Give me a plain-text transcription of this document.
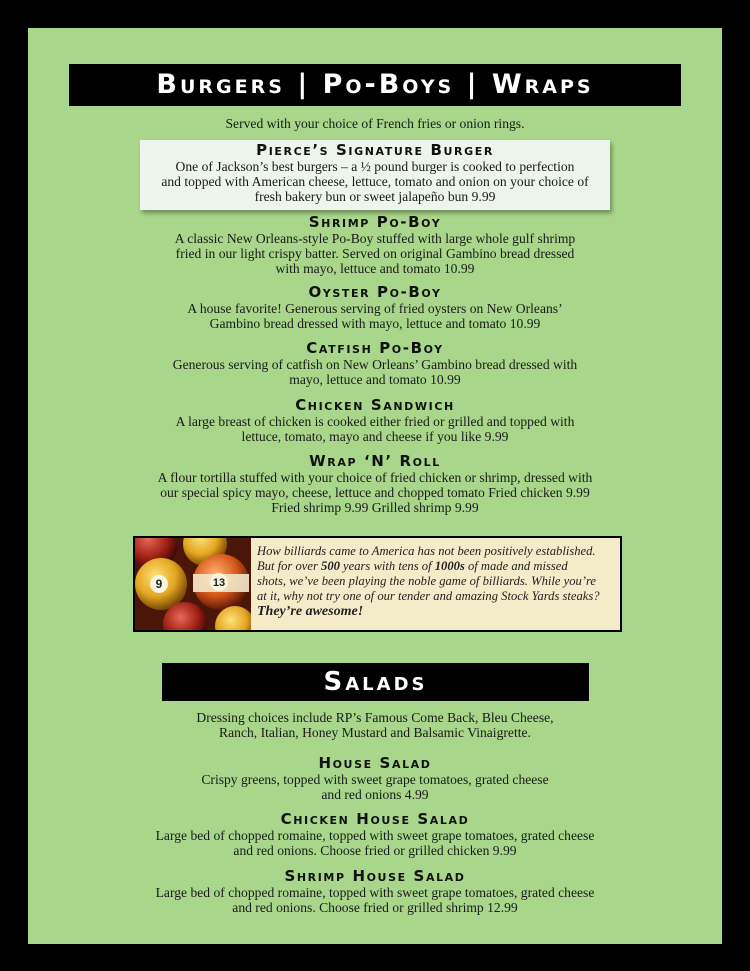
Burgers | Po-Boys | Wraps
Served with your choice of French fries or onion rings.
Pierce’s Signature Burger
One of Jackson’s best burgers – a ½ pound burger is cooked to perfection
and topped with American cheese, lettuce, tomato and onion on your choice of
fresh bakery bun or sweet jalapeño bun 9.99
Shrimp Po-Boy
A classic New Orleans-style Po-Boy stuffed with large whole gulf shrimp
fried in our light crispy batter. Served on original Gambino bread dressed
with mayo, lettuce and tomato 10.99
Oyster Po-Boy
A house favorite! Generous serving of fried oysters on New Orleans’
Gambino bread dressed with mayo, lettuce and tomato 10.99
Catfish Po-Boy
Generous serving of catfish on New Orleans’ Gambino bread dressed with
mayo, lettuce and tomato 10.99
Chicken Sandwich
A large breast of chicken is cooked either fried or grilled and topped with
lettuce, tomato, mayo and cheese if you like 9.99
Wrap ‘N’ Roll
A flour tortilla stuffed with your choice of fried chicken or shrimp, dressed with
our special spicy mayo, cheese, lettuce and chopped tomato Fried chicken 9.99
Fried shrimp 9.99 Grilled shrimp 9.99
9	13
How billiards came to America has not been positively established.
But for over 500 years with tens of 1000s of made and missed
shots, we’ve been playing the noble game of billiards. While you’re
at it, why not try one of our tender and amazing Stock Yards steaks?
They’re awesome!
Salads
Dressing choices include RP’s Famous Come Back, Bleu Cheese,
Ranch, Italian, Honey Mustard and Balsamic Vinaigrette.
House Salad
Crispy greens, topped with sweet grape tomatoes, grated cheese
and red onions 4.99
Chicken House Salad
Large bed of chopped romaine, topped with sweet grape tomatoes, grated cheese
and red onions. Choose fried or grilled chicken 9.99
Shrimp House Salad
Large bed of chopped romaine, topped with sweet grape tomatoes, grated cheese
and red onions. Choose fried or grilled shrimp 12.99
